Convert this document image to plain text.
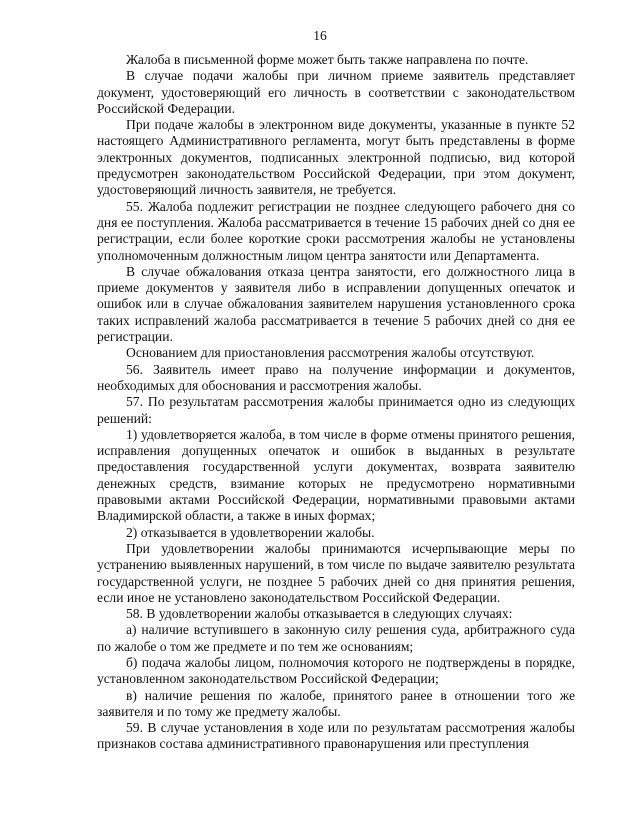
16

Жалоба в письменной форме может быть также направлена по почте.

В случае подачи жалобы при личном приеме заявитель представляет документ, удостоверяющий его личность в соответствии с законодательством Российской Федерации.

При подаче жалобы в электронном виде документы, указанные в пункте 52 настоящего Административного регламента, могут быть представлены в форме электронных документов, подписанных электронной подписью, вид которой предусмотрен законодательством Российской Федерации, при этом документ, удостоверяющий личность заявителя, не требуется.

55. Жалоба подлежит регистрации не позднее следующего рабочего дня со дня ее поступления. Жалоба рассматривается в течение 15 рабочих дней со дня ее регистрации, если более короткие сроки рассмотрения жалобы не установлены уполномоченным должностным лицом центра занятости или Департамента.

В случае обжалования отказа центра занятости, его должностного лица в приеме документов у заявителя либо в исправлении допущенных опечаток и ошибок или в случае обжалования заявителем нарушения установленного срока таких исправлений жалоба рассматривается в течение 5 рабочих дней со дня ее регистрации.

Основанием для приостановления рассмотрения жалобы отсутствуют.

56. Заявитель имеет право на получение информации и документов, необходимых для обоснования и рассмотрения жалобы.

57. По результатам рассмотрения жалобы принимается одно из следующих решений:

1) удовлетворяется жалоба, в том числе в форме отмены принятого решения, исправления допущенных опечаток и ошибок в выданных в результате предоставления государственной услуги документах, возврата заявителю денежных средств, взимание которых не предусмотрено нормативными правовыми актами Российской Федерации, нормативными правовыми актами Владимирской области, а также в иных формах;

2) отказывается в удовлетворении жалобы.

При удовлетворении жалобы принимаются исчерпывающие меры по устранению выявленных нарушений, в том числе по выдаче заявителю результата государственной услуги, не позднее 5 рабочих дней со дня принятия решения, если иное не установлено законодательством Российской Федерации.

58. В удовлетворении жалобы отказывается в следующих случаях:

а) наличие вступившего в законную силу решения суда, арбитражного суда по жалобе о том же предмете и по тем же основаниям;

б) подача жалобы лицом, полномочия которого не подтверждены в порядке, установленном законодательством Российской Федерации;

в) наличие решения по жалобе, принятого ранее в отношении того же заявителя и по тому же предмету жалобы.

59. В случае установления в ходе или по результатам рассмотрения жалобы признаков состава административного правонарушения или преступления
